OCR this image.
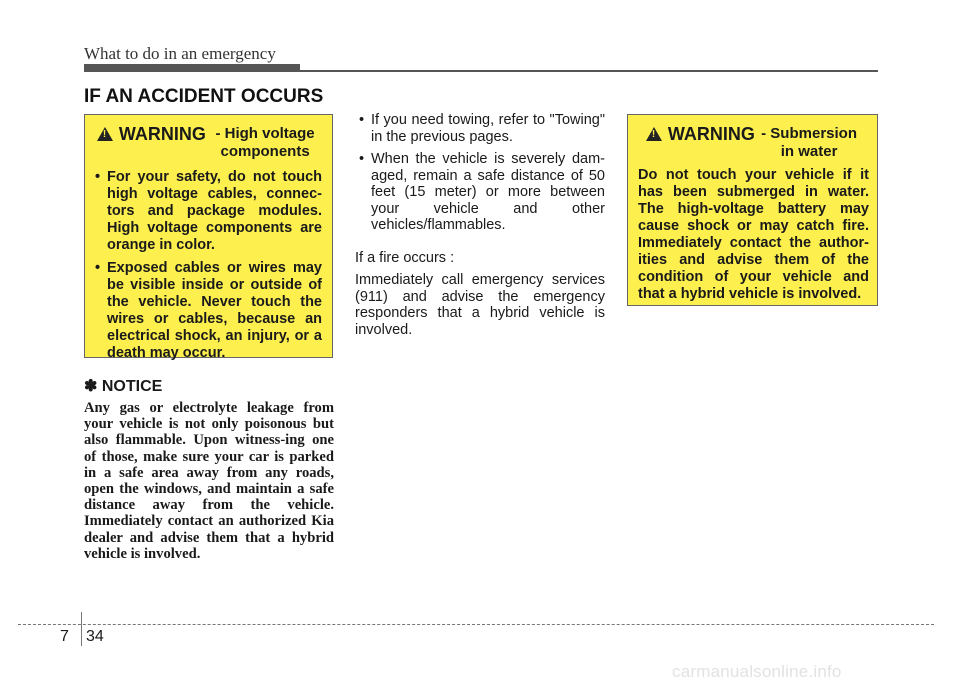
What to do in an emergency
IF AN ACCIDENT OCCURS
!WARNING - High voltage components
• For your safety, do not touch high voltage cables, connec-tors and package modules. High voltage components are orange in color.
• Exposed cables or wires may be visible inside or outside of the vehicle. Never touch the wires or cables, because an electrical shock, an injury, or a death may occur.
✽ NOTICE
Any gas or electrolyte leakage from your vehicle is not only poisonous but also flammable. Upon witness-ing one of those, make sure your car is parked in a safe area away from any roads, open the windows, and maintain a safe distance away from the vehicle. Immediately contact an authorized Kia dealer and advise them that a hybrid vehicle is involved.
• If you need towing, refer to "Towing" in the previous pages.
• When the vehicle is severely dam-aged, remain a safe distance of 50 feet (15 meter) or more between your vehicle and other vehicles/flammables.

If a fire occurs :

Immediately call emergency services (911) and advise the emergency responders that a hybrid vehicle is involved.

!WARNING - Submersion in water
Do not touch your vehicle if it has been submerged in water. The high-voltage battery may cause shock or may catch fire. Immediately contact the author-ities and advise them of the condition of your vehicle and that a hybrid vehicle is involved.
7 34
carmanualsonline.info
